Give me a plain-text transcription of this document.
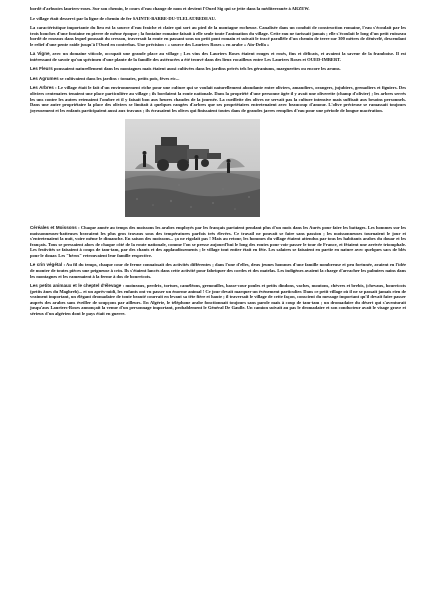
bordé d'arbustes lauriers-roses. Sur son chemin, le cours d'eau change de nom et devient l'Oued Sig qui se jette dans la méditerranée à ARZEW.

Le village était desservi par la ligne de chemin de fer SAINTE-BARBE-DU-TLELAT/BEDEAU.

La caractéristique importante du lieu est la source d'eau fraiche et claire qui sort au pied de la montagne rocheuse. Canalisée dans un conduit de construction romaine, l'eau s'écoulait par les trois bouches d'une fontaine en pierre de même époque ; la fontaine romaine faisait à elle seule toute l'animation du village. Cette eau ne tarissait jamais ; elle s'écoulait le long d'un petit ruisseau bordé de roseaux dans lequel poussait du cresson, traversait la route en passant sous un petit pont romain et suivait le tracé parallèle d'un chemin de terre sur 300 mètres de dénivelé, descendant le relief d'une pente raide jusqu'à l'Oued en contrebas. Une précision : « source des Lauriers Roses » en arabe « Aïn-Delfa »

La Vigne, avec un domaine viticole, occupait une grande place au village ; Les vins des Lauriers Roses étaient rouges et rosés, fins et délicats, et avaient la saveur de la framboise. Il est intéressant de savoir qu'un spécimen d'une plante de la famille des astéracées a été trouvé dans des lieux rocailleux entre Les Lauriers Roses et OUED-IMBERT.

Les Fleurs poussaient naturellement dans les montagnes mais étaient aussi cultivées dans les jardins privés tels les géraniums, marguerites ou encore les arums.

Les Agrumes se cultivaient dans les jardins : tomates, petits pois, fèves etc...

Les Arbres : Le village était le fait d'un environnement riche pour une culture qui se voulait naturellement abondante entre oliviers, amandiers, orangers, jujubiers, grenadiers et figuiers. Des oliviers centenaires tenaient une place particulière au village ; ils bordaient la route nationale. Dans la propriété d'une personne âgée il y avait une oliverette (champ d'olivier) ; les arbres serrés les uns contre les autres retenaient l'ombre et il y faisait bon aux heures chaudes de la journée. La cueillette des olives ne servait pas la culture intensive mais suffisait aux besoins personnels. Dans une autre propriétaire la place des oliviers se limitait à quelques rangées d'arbres que ses propriétaires entretenaient avec beaucoup d'amour. L'olive précieuse se ramassait toujours joyeusement et les enfants participaient aussi aux travaux ; ils écrasaient les olives qui finissaient toutes dans de grandes jarres remplies d'eau pour une période de longue macération.

Céréales et Moissons : Chaque année au temps des moissons les arabes employés par les français partaient pendant plus d'un mois dans les Aurès pour faire les battages. Les hommes sur les moissonneuses-batteuses bravaient les plus gros travaux sous des températures parfois très élevées. Ce travail ne pouvait se faire sans passion ; les moissonneuses tournaient le jour et s'entretenaient la nuit, voire même le dimanche. En saison des moissons... ça ne rigolait pas ! Mais au retour, les hommes du village étaient attendus par tous les habitants arabes du douar et les français. Tous se pressaient alors de chaque côté de la route nationale, comme l'on se presse aujourd'hui le long des routes pour voir passer le tour de France, et fêtaient une arrivée triomphale. Les festivités se faisaient à coups de tam-tam, par des chants et des applaudissements ; le village tout entier était en fête. Les salaires se faisaient en partie en nature avec quelques sacs de blés pour le douar. Les "héros" retrouvaient leur famille respective.

Le crin végétal : Au fil du temps, chaque cour de ferme connaissait des activités différentes ; dans l'une d'elles, deux jeunes hommes d'une famille nombreuse et peu fortunée, avaient eu l'idée de monter de toutes pièces une peigneuse à crin. Ils s'étaient lancés dans cette activité pour fabriquer des cordes et des matelas. Les indigènes avaient la charge d'arracher les palmiers nains dans les montagnes et les ramenaient à la ferme à dos de bourricots.

Les petits animaux et le cheptel d'élevage : moineaux, perdrix, tortues, caméléons, grenouilles, basse-cour poules et petits dindons, vaches, moutons, chèvres et brebis, (chevaux, bourricots (petits ânes du Maghreb)... et un après-midi, les enfants ont vu passer un énorme animal ! Ce jour devait marquer un évènement particulier. Dans ce petit village où il ne se passait jamais rien de vraiment important, un élégant dromadaire de toute beauté courrait en levant sa tête fière et hautе ; il traversait le village de cette façon, conscient du message important qu'il devait faire passer auprès des arabes sans éveiller de soupçons par ailleurs. En Algérie, le téléphone arabe fonctionnait toujours sans parole mais à coup de tam-tam ; un dromadaire du désert qui s'aventurait jusqu'aux Lauriers-Roses annonçait la venue d'un personnage important, probablement le Général De Gaulle. Un camion suivait au pas le dromadaire et son conducteur avait le visage grave et sérieux d'un algérien dont le pays était en guerre.
